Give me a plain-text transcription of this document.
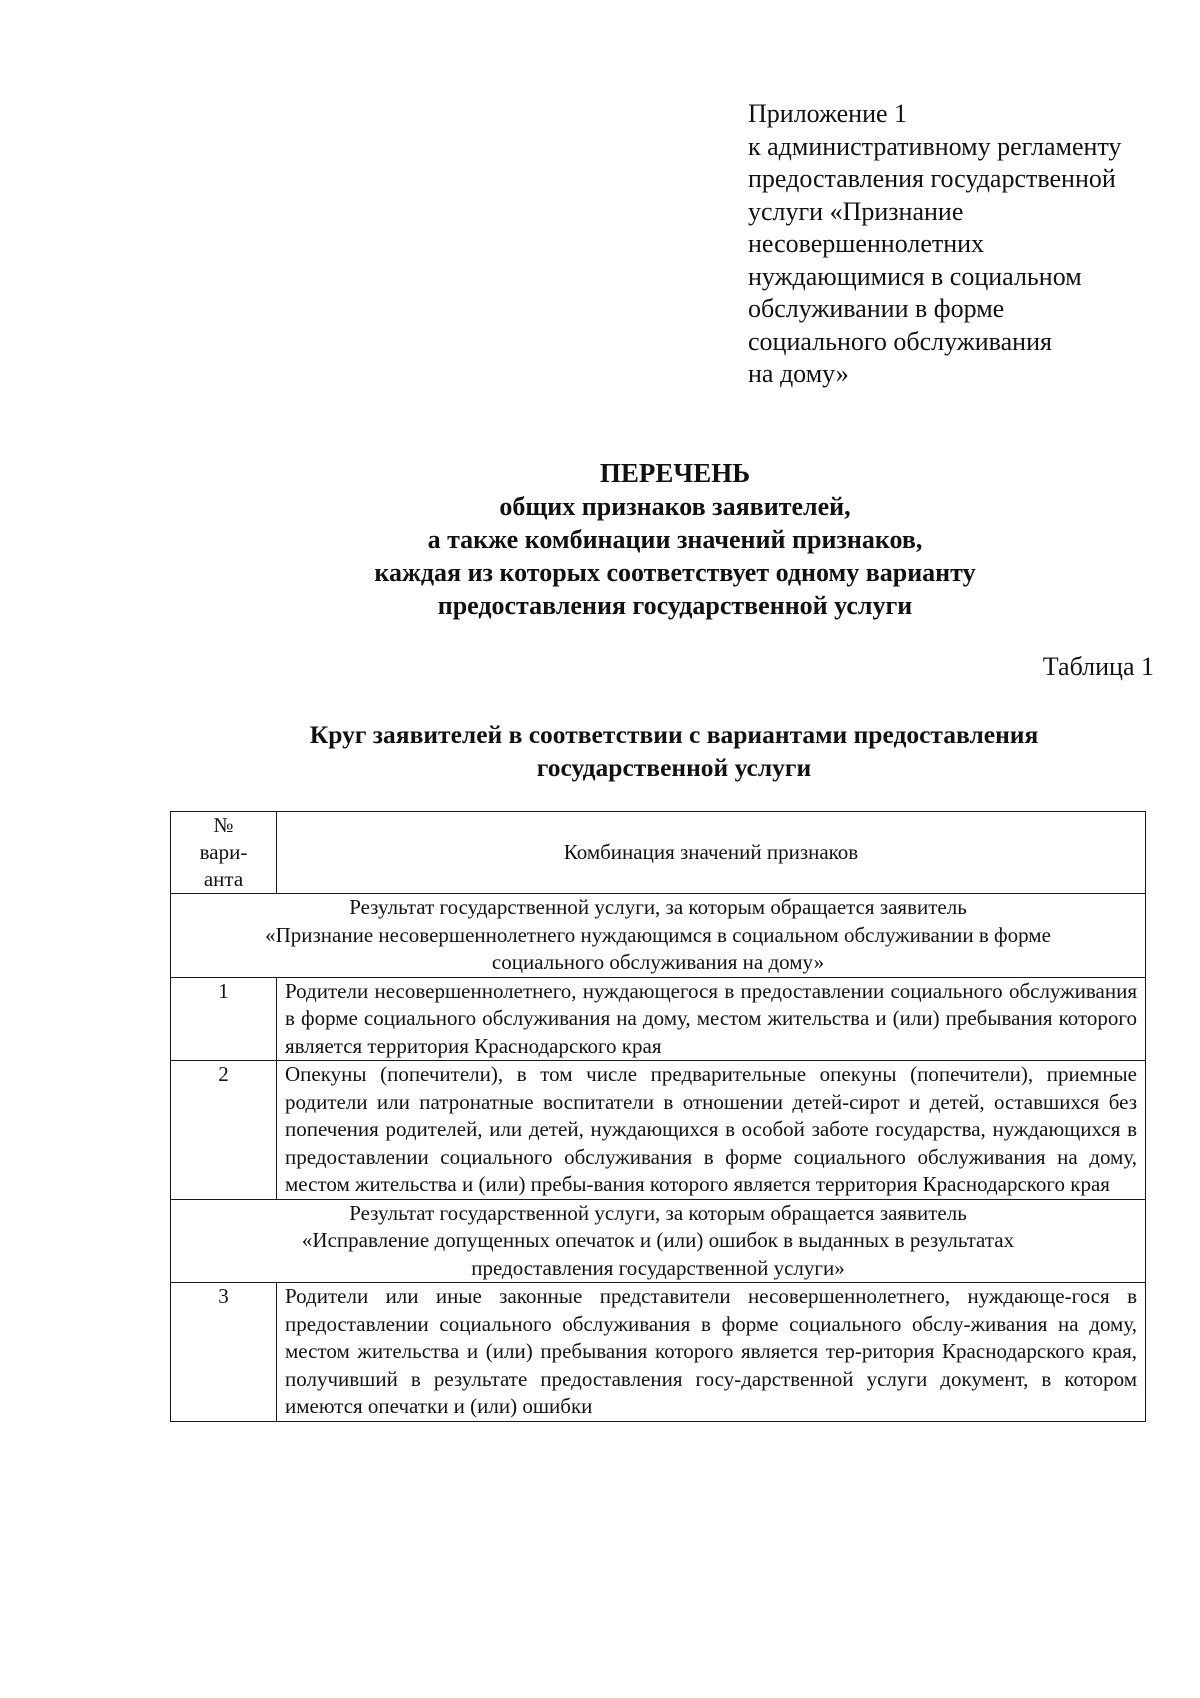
Приложение 1
к административному регламенту
предоставления государственной
услуги «Признание
несовершеннолетних
нуждающимися в социальном
обслуживании в форме
социального обслуживания
на дому»
ПЕРЕЧЕНЬ
общих признаков заявителей,
а также комбинации значений признаков,
каждая из которых соответствует одному варианту
предоставления государственной услуги
Таблица 1
Круг заявителей в соответствии с вариантами предоставления
государственной услуги
№
вари-
анта	Комбинация значений признаков

Результат государственной услуги, за которым обращается заявитель
«Признание несовершеннолетнего нуждающимся в социальном обслуживании в форме
социального обслуживания на дому»	

1	Родители несовершеннолетнего, нуждающегося в предоставлении социального обслуживания в форме социального обслуживания на дому, местом жительства и (или) пребывания которого является территория Краснодарского края
2	Опекуны (попечители), в том числе предварительные опекуны (попечители), приемные родители или патронатные воспитатели в отношении детей-сирот и детей, оставшихся без попечения родителей, или детей, нуждающихся в особой заботе государства, нуждающихся в предоставлении социального обслуживания в форме социального обслуживания на дому, местом жительства и (или) пребы-вания которого является территория Краснодарского края

Результат государственной услуги, за которым обращается заявитель
«Исправление допущенных опечаток и (или) ошибок в выданных в результатах
предоставления государственной услуги»	

3	Родители или иные законные представители несовершеннолетнего, нуждающе-гося в предоставлении социального обслуживания в форме социального обслу-живания на дому, местом жительства и (или) пребывания которого является тер-ритория Краснодарского края, получивший в результате предоставления госу-дарственной услуги документ, в котором имеются опечатки и (или) ошибки
